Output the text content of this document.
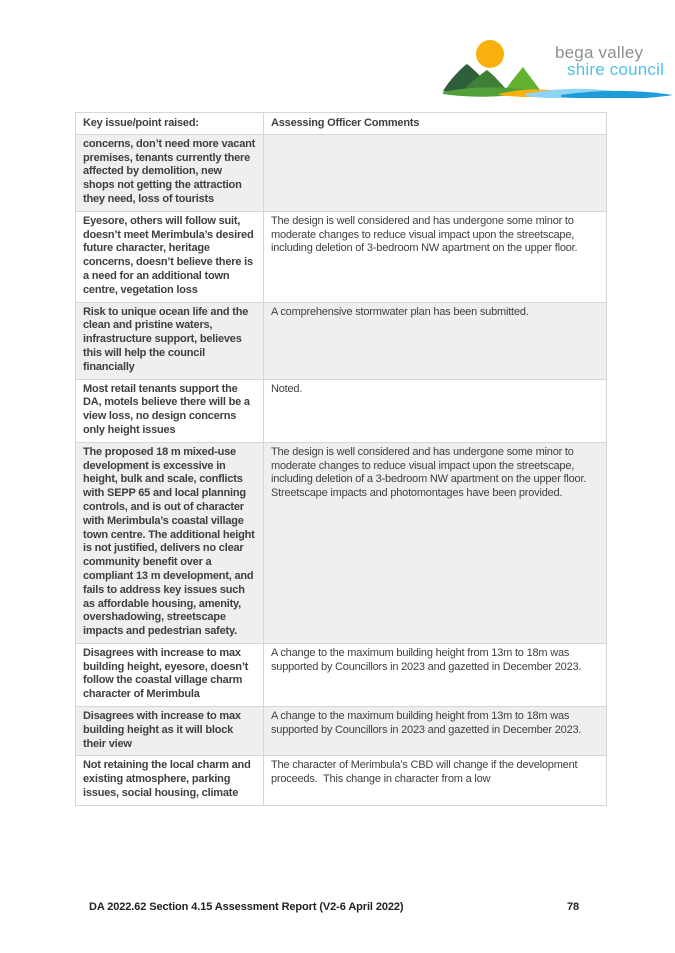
bega valley
shire council
Key issue/point raised:	Assessing Officer Comments
concerns, don’t need more vacant premises, tenants currently there affected by demolition, new shops not getting the attraction they need, loss of tourists	
Eyesore, others will follow suit, doesn’t meet Merimbula’s desired future character, heritage concerns, doesn’t believe there is a need for an additional town centre, vegetation loss	The design is well considered and has undergone some minor to moderate changes to reduce visual impact upon the streetscape, including deletion of 3-bedroom NW apartment on the upper floor.
Risk to unique ocean life and the clean and pristine waters, infrastructure support, believes this will help the council financially	A comprehensive stormwater plan has been submitted.
Most retail tenants support the DA, motels believe there will be a view loss, no design concerns only height issues	Noted.
The proposed 18 m mixed-use development is excessive in height, bulk and scale, conflicts with SEPP 65 and local planning controls, and is out of character with Merimbula’s coastal village town centre. The additional height is not justified, delivers no clear community benefit over a compliant 13 m development, and fails to address key issues such as affordable housing, amenity, overshadowing, streetscape impacts and pedestrian safety.	The design is well considered and has undergone some minor to moderate changes to reduce visual impact upon the streetscape, including deletion of a 3-bedroom NW apartment on the upper floor. Streetscape impacts and photomontages have been provided.
Disagrees with increase to max building height, eyesore, doesn’t follow the coastal village charm character of Merimbula	A change to the maximum building height from 13m to 18m was supported by Councillors in 2023 and gazetted in December 2023.
Disagrees with increase to max building height as it will block their view	A change to the maximum building height from 13m to 18m was supported by Councillors in 2023 and gazetted in December 2023.
Not retaining the local charm and existing atmosphere, parking issues, social housing, climate	The character of Merimbula’s CBD will change if the development proceeds.  This change in character from a low
DA 2022.62 Section 4.15 Assessment Report (V2-6 April 2022)	78
